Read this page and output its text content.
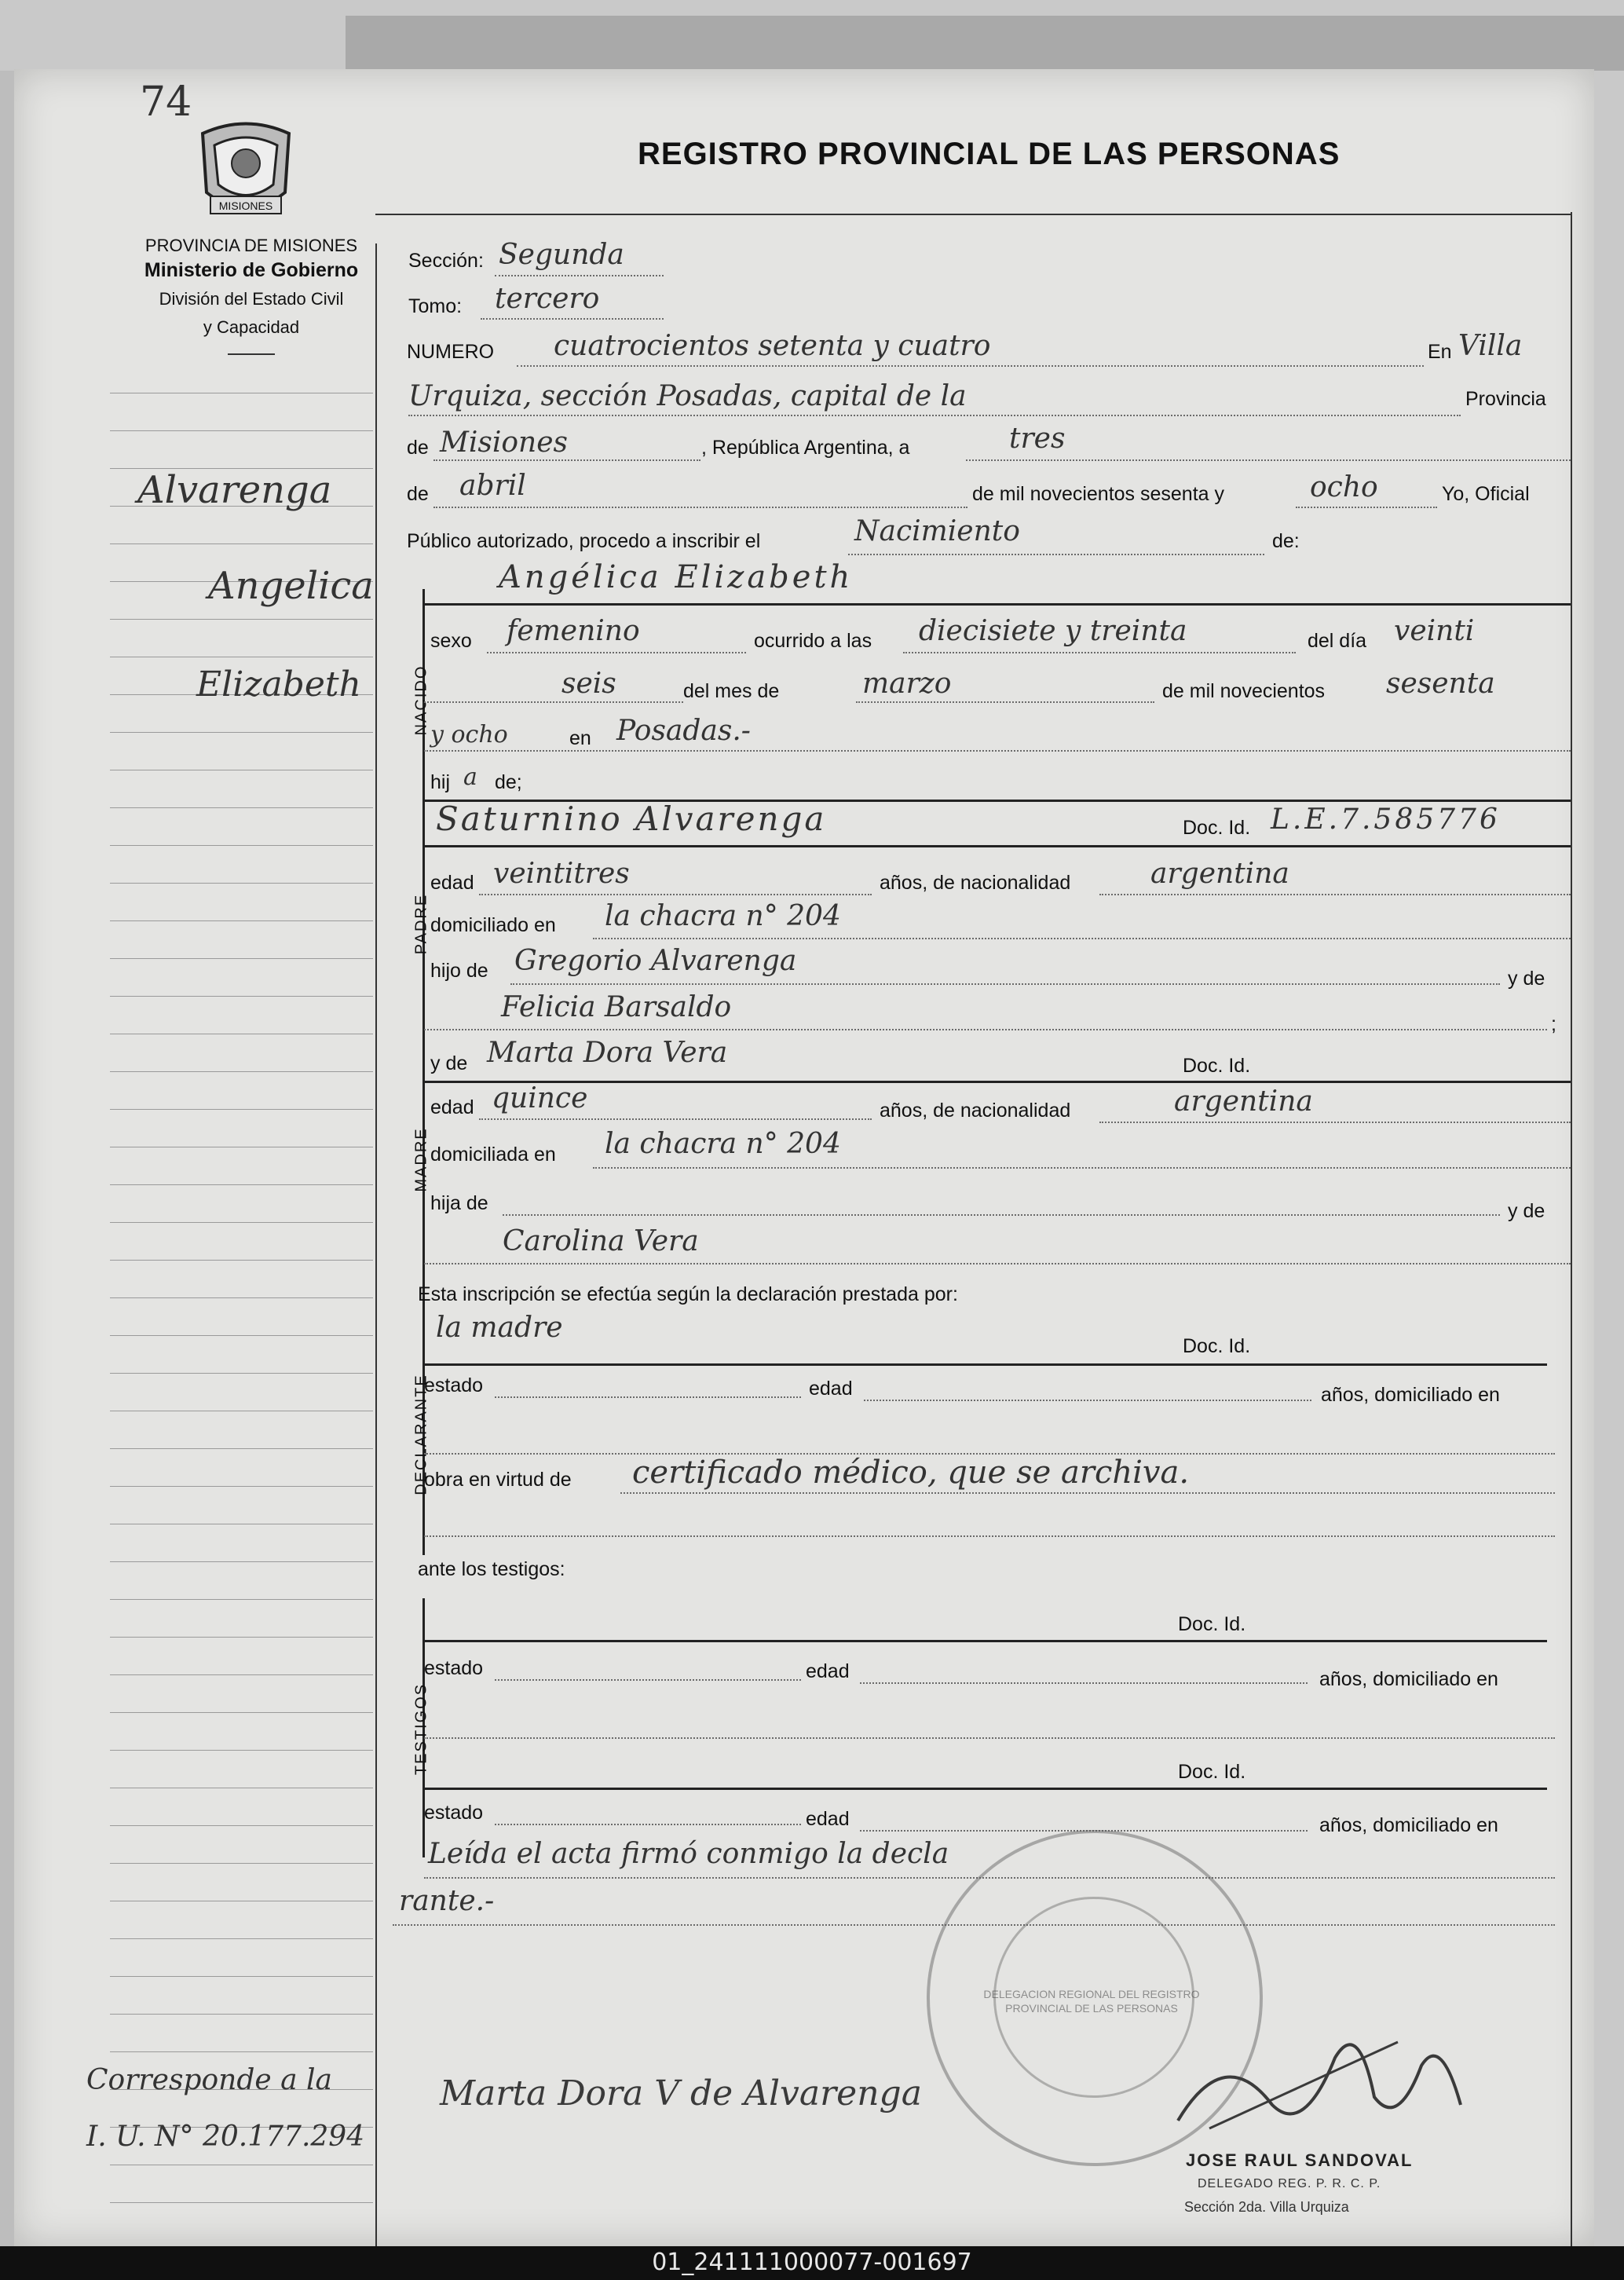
74
MISIONES
PROVINCIA DE MISIONES
Ministerio de Gobierno
División del Estado Civil
y Capacidad
REGISTRO PROVINCIAL DE LAS PERSONAS
Alvarenga
Angelica
Elizabeth
Corresponde a la
I. U. N° 20.177.294
Sección: Segunda
Tomo: tercero
NUMERO cuatrocientos setenta y cuatro	En Villa
Urquiza, sección Posadas, capital de la	Provincia
de Misiones	, República Argentina, a	tres
de abril	de mil novecientos sesenta y	ocho	Yo, Oficial
Público autorizado, procedo a inscribir el	Nacimiento	de:
NACIDO
Angélica Elizabeth
sexo femenino	ocurrido a las diecisiete y treinta	del día veinti
seis	del mes de	marzo	de mil novecientos sesenta
y ocho	en Posadas.-
hij a de;
PADRE
Saturnino Alvarenga	Doc. Id. L.E.7.585776
edad veintitres	años, de nacionalidad	argentina
domiciliado en la chacra n° 204
hijo de Gregorio Alvarenga
y de
Felicia Barsaldo
;
y de Marta Dora Vera	Doc. Id.
MADRE
edad quince	años, de nacionalidad	argentina
domiciliada en la chacra n° 204
hija de	y de
Carolina Vera
Esta inscripción se efectúa según la declaración prestada por:
DECLARANTE
la madre
Doc. Id.
estado	edad	años, domiciliado en
obra en virtud de certificado médico, que se archiva.
ante los testigos:
TESTIGOS
Doc. Id.
estado	edad	años, domiciliado en
Doc. Id.
estado	edad	años, domiciliado en
Leída el acta firmó conmigo la decla
rante.-
DELEGACION REGIONAL DEL REGISTRO PROVINCIAL DE LAS PERSONAS
Marta Dora V de Alvarenga
JOSE RAUL SANDOVAL
DELEGADO REG. P. R. C. P.
Sección 2da. Villa Urquiza
01_241111000077-001697
